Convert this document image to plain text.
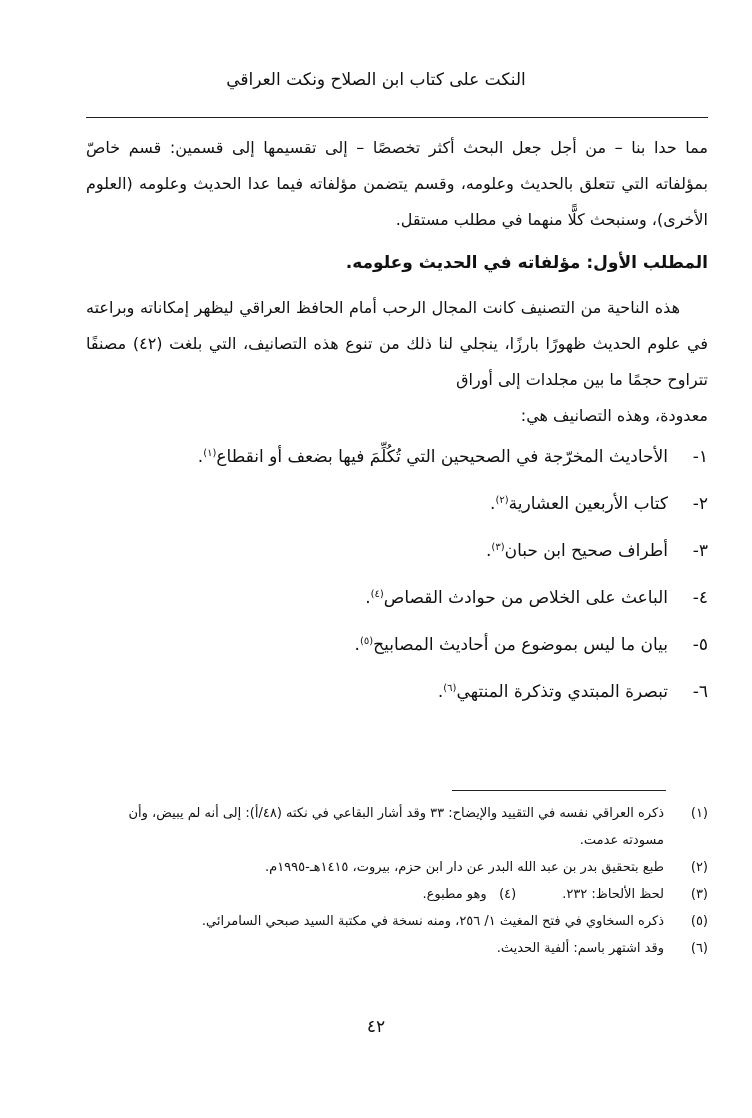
النكت على كتاب ابن الصلاح ونكت العراقي

مما حدا بنا – من أجل جعل البحث أكثر تخصصًا – إلى تقسيمها إلى قسمين: قسم خاصّ بمؤلفاته التي تتعلق بالحديث وعلومه، وقسم يتضمن مؤلفاته فيما عدا الحديث وعلومه (العلوم الأخرى)، وسنبحث كلًّا منهما في مطلب مستقل.

المطلب الأول: مؤلفاته في الحديث وعلومه.

هذه الناحية من التصنيف كانت المجال الرحب أمام الحافظ العراقي ليظهر إمكاناته وبراعته في علوم الحديث ظهورًا بارزًا، ينجلي لنا ذلك من تنوع هذه التصانيف، التي بلغت (٤٢) مصنفًا تتراوح حجمًا ما بين مجلدات إلى أوراق

معدودة، وهذه التصانيف هي:

١-
الأحاديث المخرّجة في الصحيحين التي تُكُلِّمَ فيها بضعف أو انقطاع$^{(١)}$.
٢-
كتاب الأربعين العشارية$^{(٢)}$.
٣-
أطراف صحيح ابن حبان$^{(٣)}$.
٤-
الباعث على الخلاص من حوادث القصاص$^{(٤)}$.
٥-
بيان ما ليس بموضوع من أحاديث المصابيح$^{(٥)}$.
٦-
تبصرة المبتدي وتذكرة المنتهي$^{(٦)}$.
(١)
ذكره العراقي نفسه في التقييد والإيضاح: ٣٣ وقد أشار البقاعي في نكته (٤٨/أ): إلى أنه لم يبيض، وأن مسودته عدمت.
(٢)
طبع بتحقيق بدر بن عبد الله البدر عن دار ابن حزم، بيروت، ١٤١٥هـ-١٩٩٥م.
(٣)
لحظ الألحاظ: ٢٣٢.(٤)   وهو مطبوع.
(٥)
ذكره السخاوي في فتح المغيث ١/ ٢٥٦، ومنه نسخة في مكتبة السيد صبحي السامرائي.
(٦)
وقد اشتهر باسم: ألفية الحديث.
٤٢
